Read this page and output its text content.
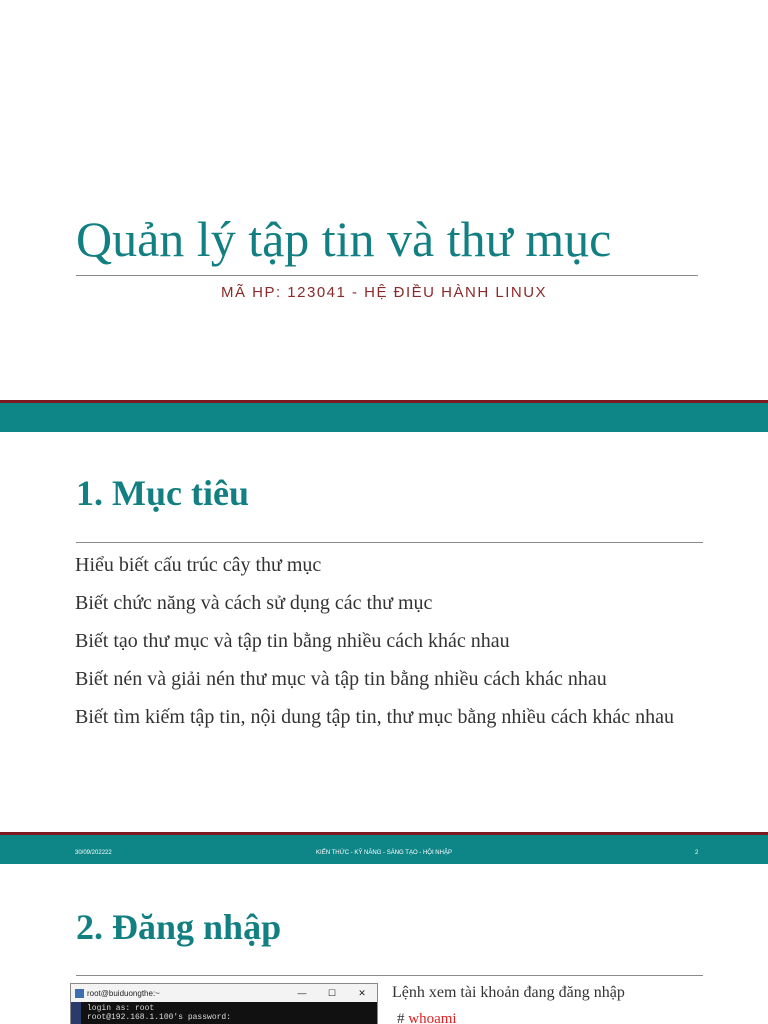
Quản lý tập tin và thư mục
MÃ HP: 123041 - HỆ ĐIỀU HÀNH LINUX
1. Mục tiêu
Hiểu biết cấu trúc cây thư mục
Biết chức năng và cách sử dụng các thư mục
Biết tạo thư mục và tập tin bằng nhiều cách khác nhau
Biết nén và giải nén thư mục và tập tin bằng nhiều cách khác nhau
Biết tìm kiếm tập tin, nội dung tập tin, thư mục bằng nhiều cách khác nhau
30/09/202222	KIẾN THỨC - KỸ NĂNG - SÁNG TẠO - HỘI NHẬP	2
2. Đăng nhập
root@buiduongthe:~	—	☐	✕
login as: root
root@192.168.1.100's password:
Lệnh xem tài khoản đang đăng nhập
# whoami
